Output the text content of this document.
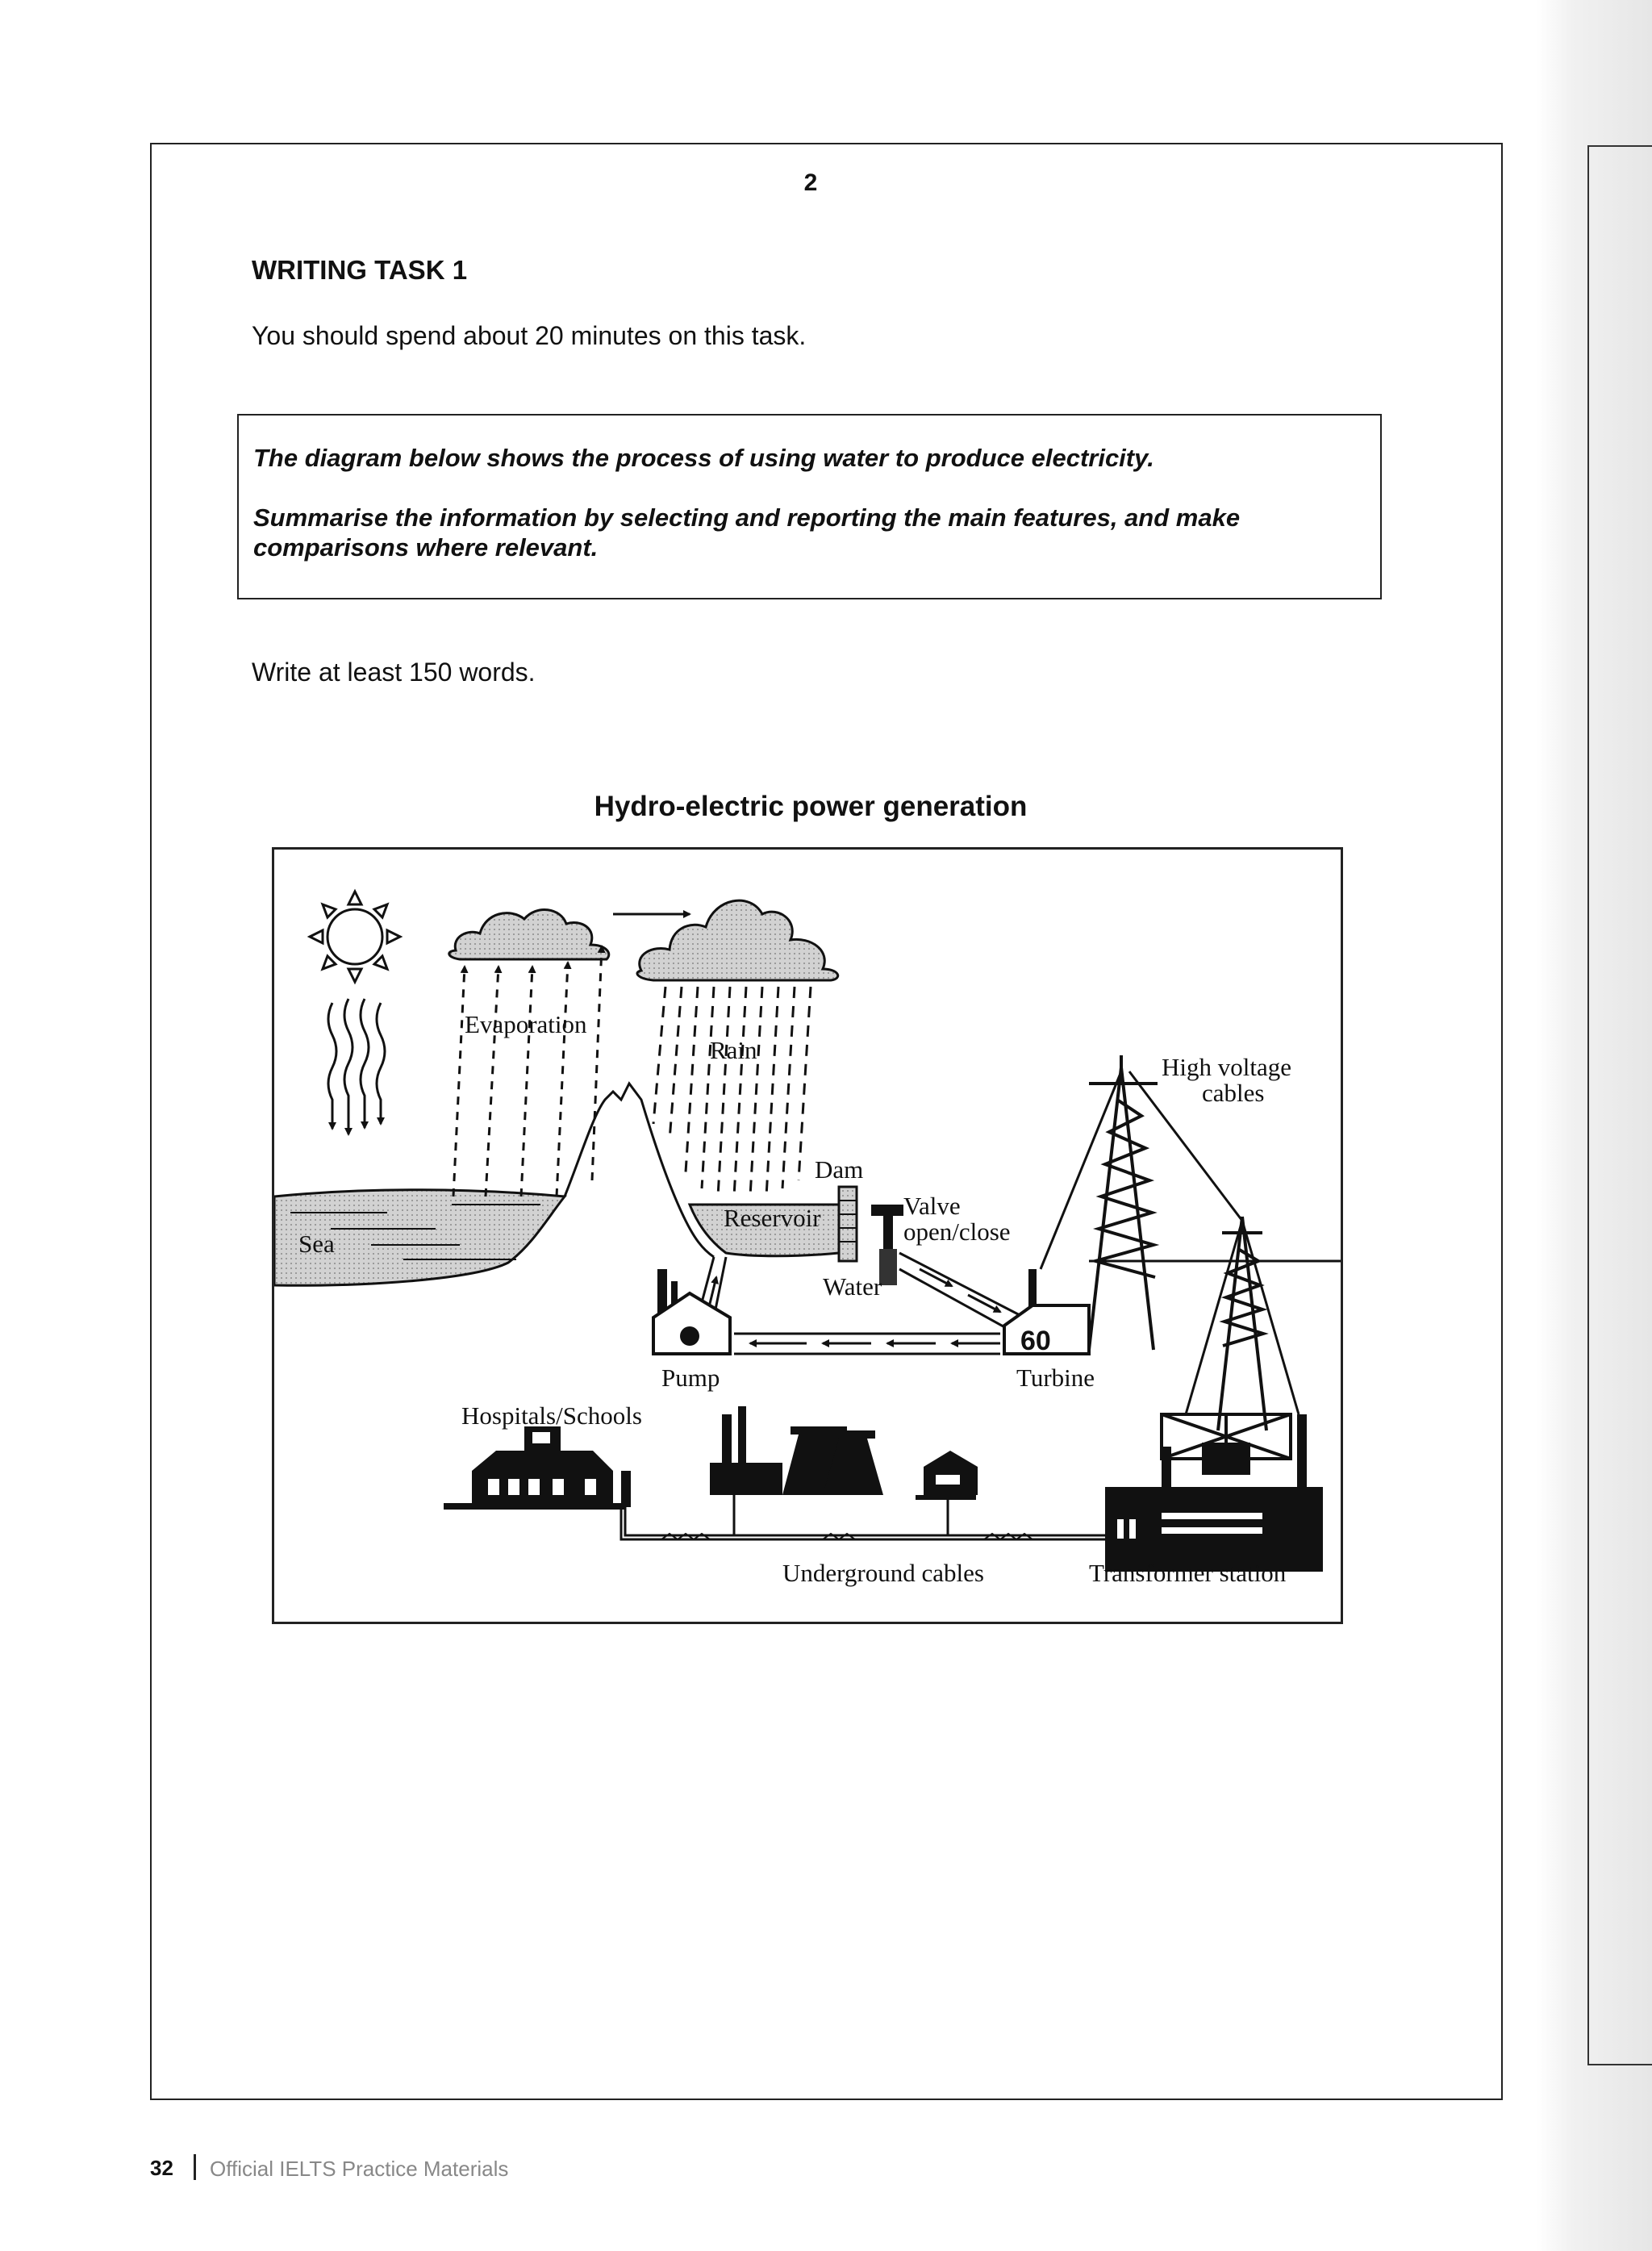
2
WRITING TASK 1
You should spend about 20 minutes on this task.

The diagram below shows the process of using water to produce electricity.

Summarise the information by selecting and reporting the main features, and make comparisons where relevant.

Write at least 150 words.
Hydro-electric power generation
60
Evaporation
Rain
Sea
Dam
Reservoir	Valve
open/close
High voltage
cables
Water
Pump	Turbine
Hospitals/Schools
Underground cables	Transformer station
32 Official IELTS Practice Materials
